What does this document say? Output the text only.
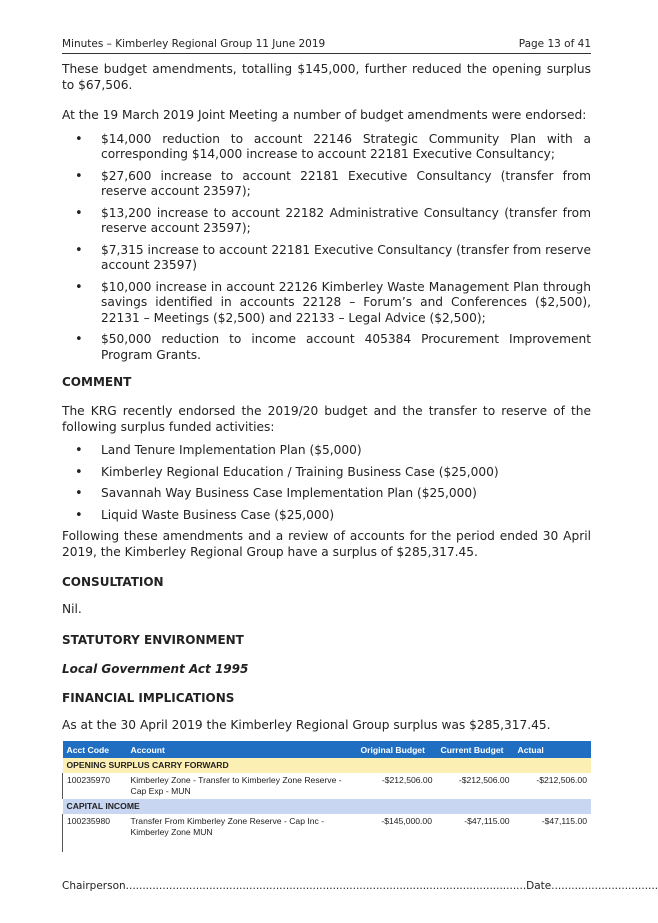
Minutes – Kimberley Regional Group 11 June 2019	Page 13 of 41

These budget amendments, totalling $145,000, further reduced the opening surplus to $67,506.

At the 19 March 2019 Joint Meeting a number of budget amendments were endorsed:

• $14,000 reduction to account 22146 Strategic Community Plan with a corresponding $14,000 increase to account 22181 Executive Consultancy;
• $27,600 increase to account 22181 Executive Consultancy (transfer from reserve account 23597);
• $13,200 increase to account 22182 Administrative Consultancy (transfer from reserve account 23597);
• $7,315 increase to account 22181 Executive Consultancy (transfer from reserve account 23597)
• $10,000 increase in account 22126 Kimberley Waste Management Plan through savings identified in accounts 22128 – Forum’s and Conferences ($2,500), 22131 – Meetings ($2,500) and 22133 – Legal Advice ($2,500);
• $50,000 reduction to income account 405384 Procurement Improvement Program Grants.
COMMENT

The KRG recently endorsed the 2019/20 budget and the transfer to reserve of the following surplus funded activities:

• Land Tenure Implementation Plan ($5,000)
• Kimberley Regional Education / Training Business Case ($25,000)
• Savannah Way Business Case Implementation Plan ($25,000)
• Liquid Waste Business Case ($25,000)

Following these amendments and a review of accounts for the period ended 30 April 2019, the Kimberley Regional Group have a surplus of $285,317.45.

CONSULTATION

Nil.

STATUTORY ENVIRONMENT
Local Government Act 1995
FINANCIAL IMPLICATIONS

As at the 30 April 2019 the Kimberley Regional Group surplus was $285,317.45.

Acct Code	Account	Original Budget	Current Budget	Actual
OPENING SURPLUS CARRY FORWARD				
100235970	Kimberley Zone - Transfer to Kimberley Zone Reserve - Cap Exp - MUN	-$212,506.00	-$212,506.00	-$212,506.00
CAPITAL INCOME				
100235980	Transfer From Kimberley Zone Reserve - Cap Inc - Kimberley Zone MUN	-$145,000.00	-$47,115.00	-$47,115.00

Chairperson........................................................................................................................Date................................
